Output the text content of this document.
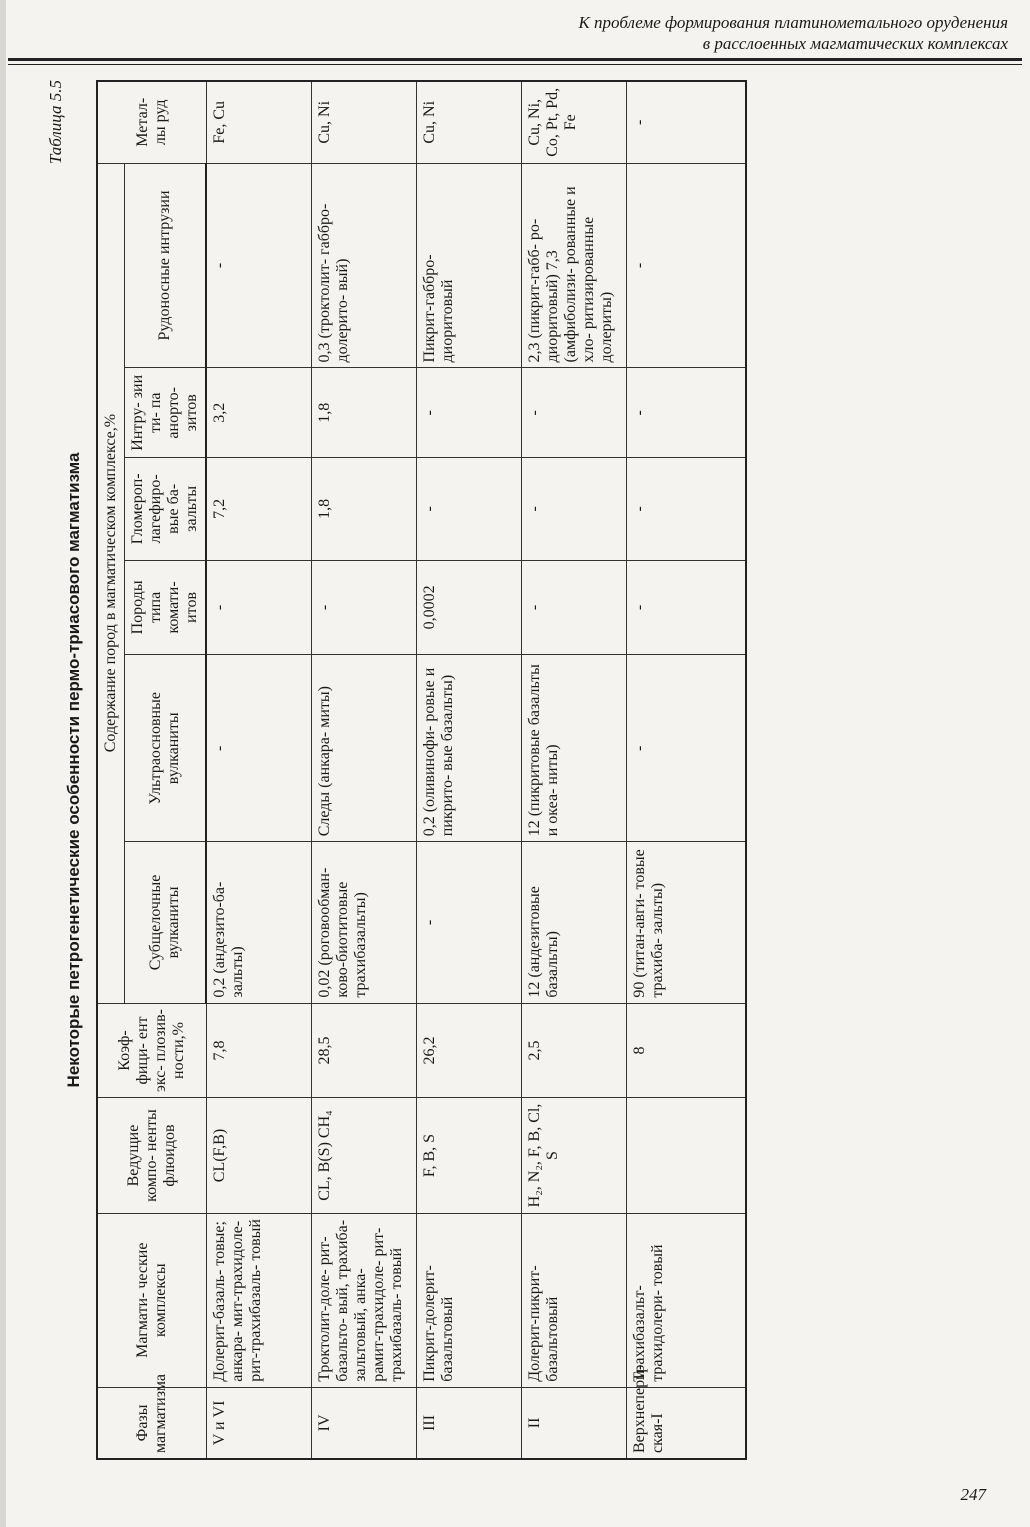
К проблеме формирования платинометального оруденения
в расслоенных магматических комплексах
Таблица 5.5
Некоторые петрогенетические особенности пермо-триасового магматизма
Фазы магматизма	Магмати- ческие комплексы	Ведущие компо- ненты флюидов	Коэф- фици- ент экс- плозив- ности,%	Содержание пород в магматическом комплексе,%						Метал- лы руд
				Субщелочные вулканиты	Ультраосновные вулканиты	Породы типа комати- итов	Гломероп- лагефиро- вые ба- зальты	Интру- зии ти- па анорто- зитов	Рудоносные интрузии	
V и VI	Долерит-базаль- товые; анкара- мит-трахидоле- рит-трахибазаль- товый	CL(F,B)	7,8	0,2 (андезито-ба- зальты)	-	-	7,2	3,2	-	Fe, Cu
IV	Троктолит-доле- рит-базальто- вый, трахиба- зальтовый, анка- рамит-трахидоле- рит-трахибазаль- товый	CL, B(S) CH₄	28,5	0,02 (роговообман- ково-биотитовые трахибазальты)	Следы (анкара- миты)	-	1,8	1,8	0,3 (троктолит- габбро-долерито- вый)	Cu, Ni
III	Пикрит-долерит- базальтовый	F, B, S	26,2	-	0,2 (оливинофи- ровые и пикрито- вые базальты)	0,0002	-	-	Пикрит-габбро- диоритовый	Cu, Ni
II	Долерит-пикрит- базальтовый	H₂, N₂, F, B, Cl, S	2,5	12 (андезитовые базальты)	12 (пикритовые базальты и океа- ниты)	-	-	-	2,3 (пикрит-габб- ро-диоритовый) 7,3 (амфиболизи- рованные и хло- ритизированные долериты)	Cu, Ni, Co, Pt, Pd, Fe
Верхнеперм- ская-I	Трахибазальт- трахидолери- товый		8	90 (титан-авги- товые трахиба- зальты)	-	-	-	-	-	-
247
